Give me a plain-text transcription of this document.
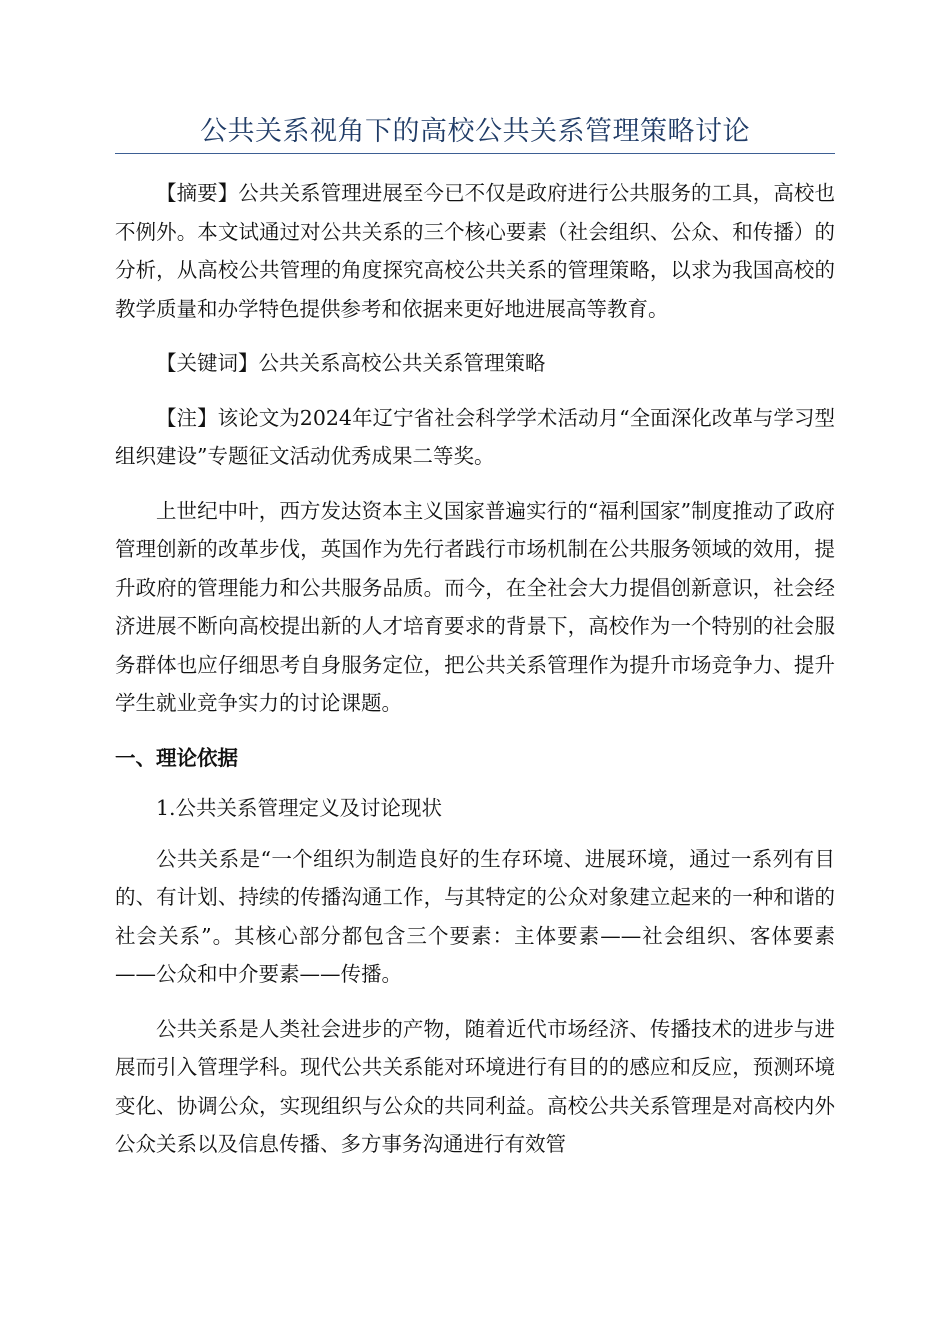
公共关系视角下的高校公共关系管理策略讨论

【摘要】公共关系管理进展至今已不仅是政府进行公共服务的工具，高校也不例外。本文试通过对公共关系的三个核心要素（社会组织、公众、和传播）的分析，从高校公共管理的角度探究高校公共关系的管理策略，以求为我国高校的教学质量和办学特色提供参考和依据来更好地进展高等教育。

【关键词】公共关系高校公共关系管理策略

【注】该论文为2024年辽宁省社会科学学术活动月“全面深化改革与学习型组织建设”专题征文活动优秀成果二等奖。

上世纪中叶，西方发达资本主义国家普遍实行的“福利国家”制度推动了政府管理创新的改革步伐，英国作为先行者践行市场机制在公共服务领域的效用，提升政府的管理能力和公共服务品质。而今，在全社会大力提倡创新意识，社会经济进展不断向高校提出新的人才培育要求的背景下，高校作为一个特别的社会服务群体也应仔细思考自身服务定位，把公共关系管理作为提升市场竞争力、提升学生就业竞争实力的讨论课题。

一、理论依据

1.公共关系管理定义及讨论现状

公共关系是“一个组织为制造良好的生存环境、进展环境，通过一系列有目的、有计划、持续的传播沟通工作，与其特定的公众对象建立起来的一种和谐的社会关系”。其核心部分都包含三个要素：主体要素——社会组织、客体要素——公众和中介要素——传播。

公共关系是人类社会进步的产物，随着近代市场经济、传播技术的进步与进展而引入管理学科。现代公共关系能对环境进行有目的的感应和反应，预测环境变化、协调公众，实现组织与公众的共同利益。高校公共关系管理是对高校内外公众关系以及信息传播、多方事务沟通进行有效管
